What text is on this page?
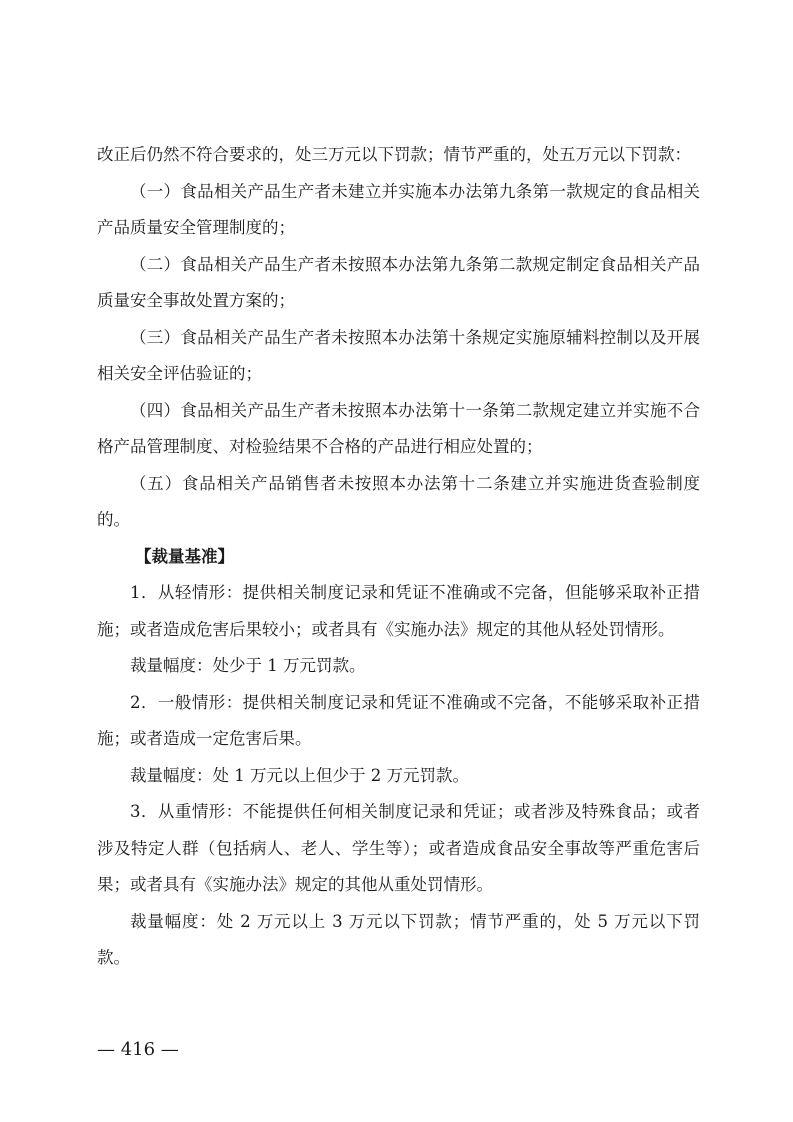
改正后仍然不符合要求的，处三万元以下罚款；情节严重的，处五万元以下罚款：

（一）食品相关产品生产者未建立并实施本办法第九条第一款规定的食品相关产品质量安全管理制度的；

（二）食品相关产品生产者未按照本办法第九条第二款规定制定食品相关产品质量安全事故处置方案的；

（三）食品相关产品生产者未按照本办法第十条规定实施原辅料控制以及开展相关安全评估验证的；

（四）食品相关产品生产者未按照本办法第十一条第二款规定建立并实施不合格产品管理制度、对检验结果不合格的产品进行相应处置的；

（五）食品相关产品销售者未按照本办法第十二条建立并实施进货查验制度的。

【裁量基准】

1．从轻情形：提供相关制度记录和凭证不准确或不完备，但能够采取补正措施；或者造成危害后果较小；或者具有《实施办法》规定的其他从轻处罚情形。

裁量幅度：处少于 1 万元罚款。

2．一般情形：提供相关制度记录和凭证不准确或不完备，不能够采取补正措施；或者造成一定危害后果。

裁量幅度：处 1 万元以上但少于 2 万元罚款。

3．从重情形：不能提供任何相关制度记录和凭证；或者涉及特殊食品；或者涉及特定人群（包括病人、老人、学生等）；或者造成食品安全事故等严重危害后果；或者具有《实施办法》规定的其他从重处罚情形。

裁量幅度：处 2 万元以上 3 万元以下罚款；情节严重的，处 5 万元以下罚款。

— 416 —
